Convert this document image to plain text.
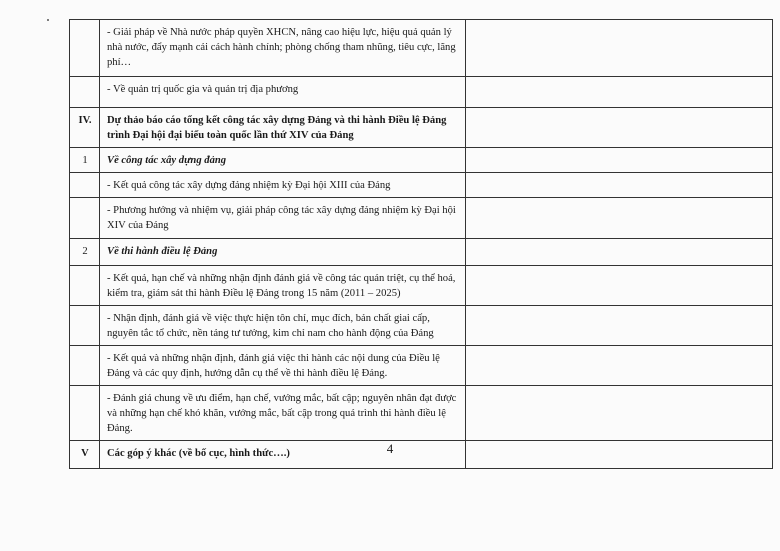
	- Giải pháp về Nhà nước pháp quyền XHCN, nâng cao hiệu lực, hiệu quả quản lý nhà nước, đẩy mạnh cải cách hành chính; phòng chống tham nhũng, tiêu cực, lãng phí…	
	- Về quản trị quốc gia và quản trị địa phương	
IV.	Dự thảo báo cáo tổng kết công tác xây dựng Đảng và thi hành Điều lệ Đảng trình Đại hội đại biểu toàn quốc lần thứ XIV của Đảng	
1	Về công tác xây dựng đảng	
	- Kết quả công tác xây dựng đảng nhiệm kỳ Đại hội XIII của Đảng	
	- Phương hướng và nhiệm vụ, giải pháp công tác xây dựng đảng nhiệm kỳ Đại hội XIV của Đảng	
2	Về thi hành điều lệ Đảng	
	- Kết quả, hạn chế và những nhận định đánh giá về công tác quán triệt, cụ thể hoá, kiểm tra, giám sát thi hành Điều lệ Đảng trong 15 năm (2011 – 2025)	
	- Nhận định, đánh giá về việc thực hiện tôn chỉ, mục đích, bản chất giai cấp, nguyên tắc tổ chức, nền tảng tư tưởng, kim chỉ nam cho hành động của Đảng	
	- Kết quả và những nhận định, đánh giá việc thi hành các nội dung của Điều lệ Đảng và các quy định, hướng dẫn cụ thể về thi hành điều lệ Đảng.	
	- Đánh giá chung về ưu điểm, hạn chế, vướng mắc, bất cập; nguyên nhân đạt được và những hạn chế khó khăn, vướng mắc, bất cập trong quá trình thi hành điều lệ Đảng.	
V	Các góp ý khác (về bố cục, hình thức….)		4
